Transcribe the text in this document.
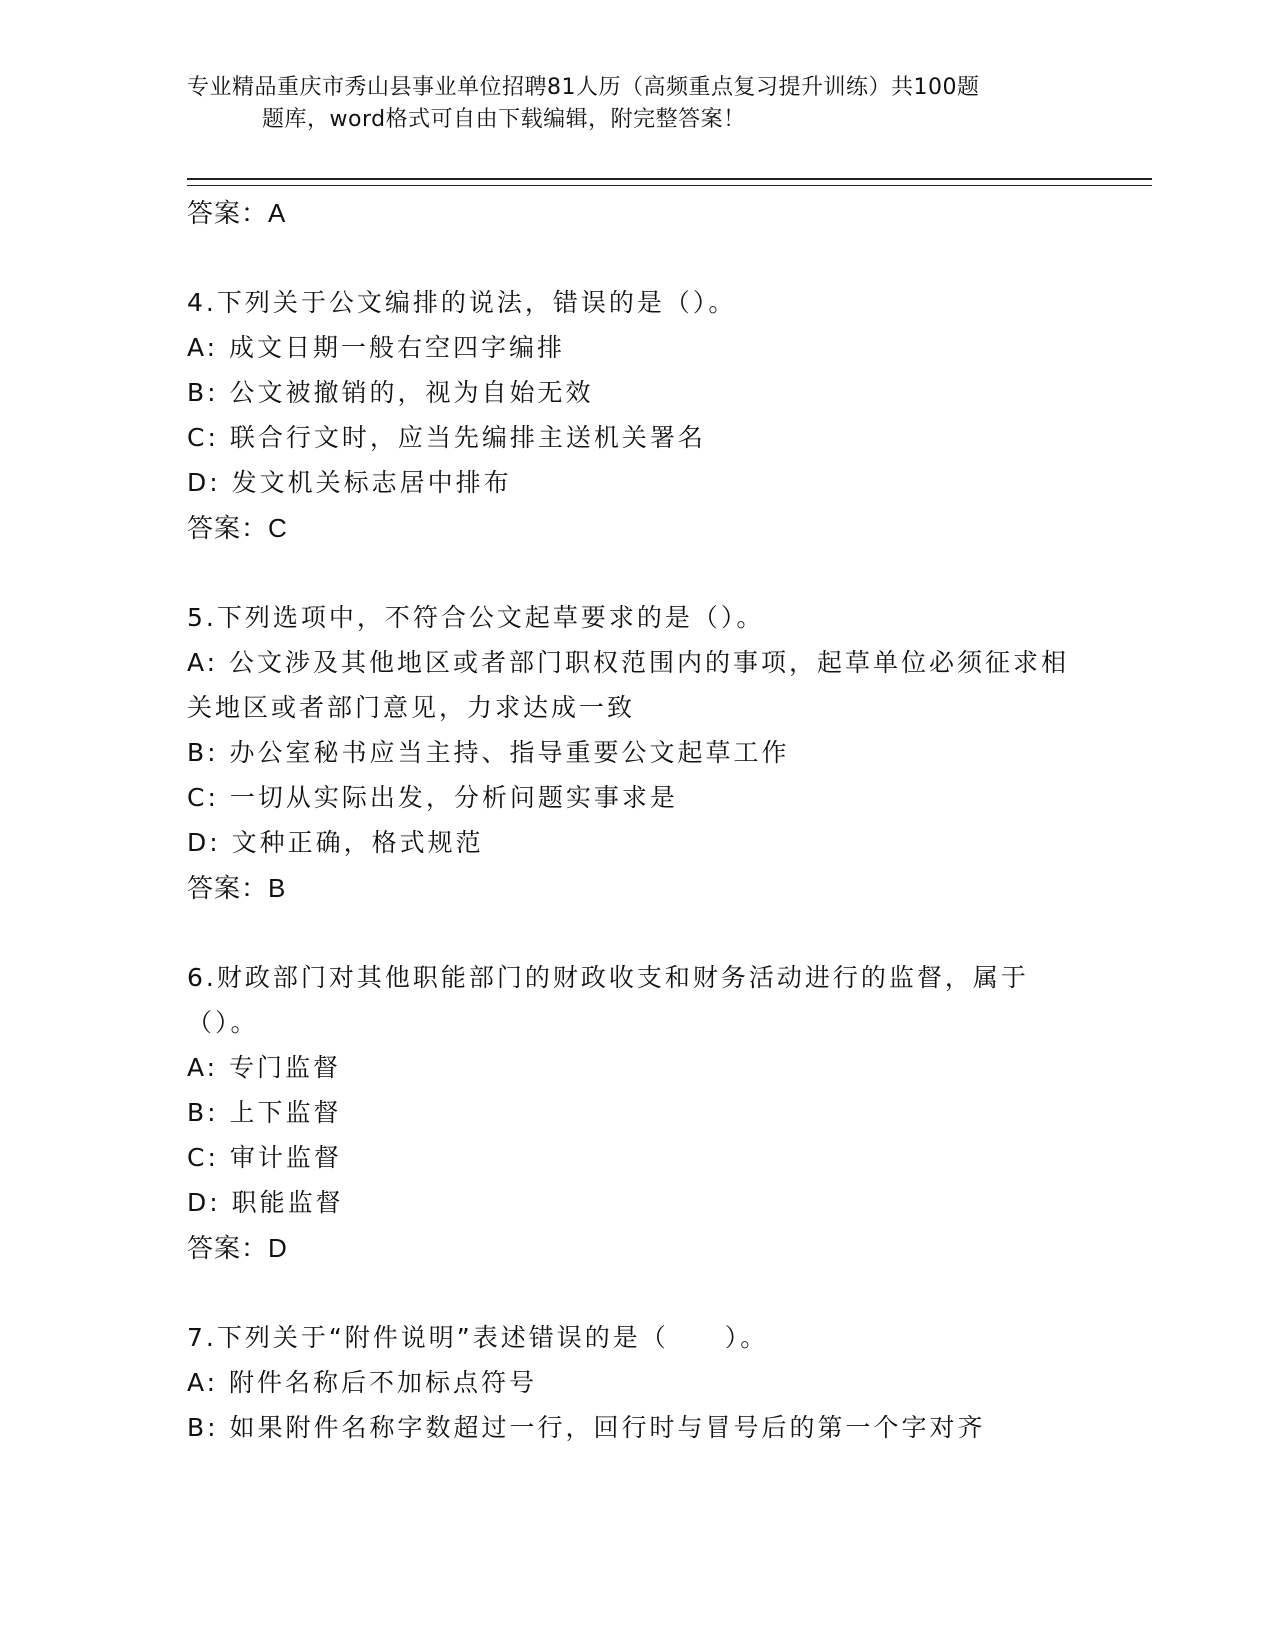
专业精品重庆市秀山县事业单位招聘81人历（高频重点复习提升训练）共100题
题库，word格式可自由下载编辑，附完整答案！
答案：A
4.下列关于公文编排的说法，错误的是（）。
A: 成文日期一般右空四字编排
B: 公文被撤销的，视为自始无效
C: 联合行文时，应当先编排主送机关署名
D: 发文机关标志居中排布
答案：C
5.下列选项中，不符合公文起草要求的是（）。
A: 公文涉及其他地区或者部门职权范围内的事项，起草单位必须征求相关地区或者部门意见，力求达成一致
B: 办公室秘书应当主持、指导重要公文起草工作
C: 一切从实际出发，分析问题实事求是
D: 文种正确，格式规范
答案：B
6.财政部门对其他职能部门的财政收支和财务活动进行的监督，属于（）。
A: 专门监督
B: 上下监督
C: 审计监督
D: 职能监督
答案：D
7.下列关于“附件说明”表述错误的是（　　）。
A: 附件名称后不加标点符号
B: 如果附件名称字数超过一行，回行时与冒号后的第一个字对齐
